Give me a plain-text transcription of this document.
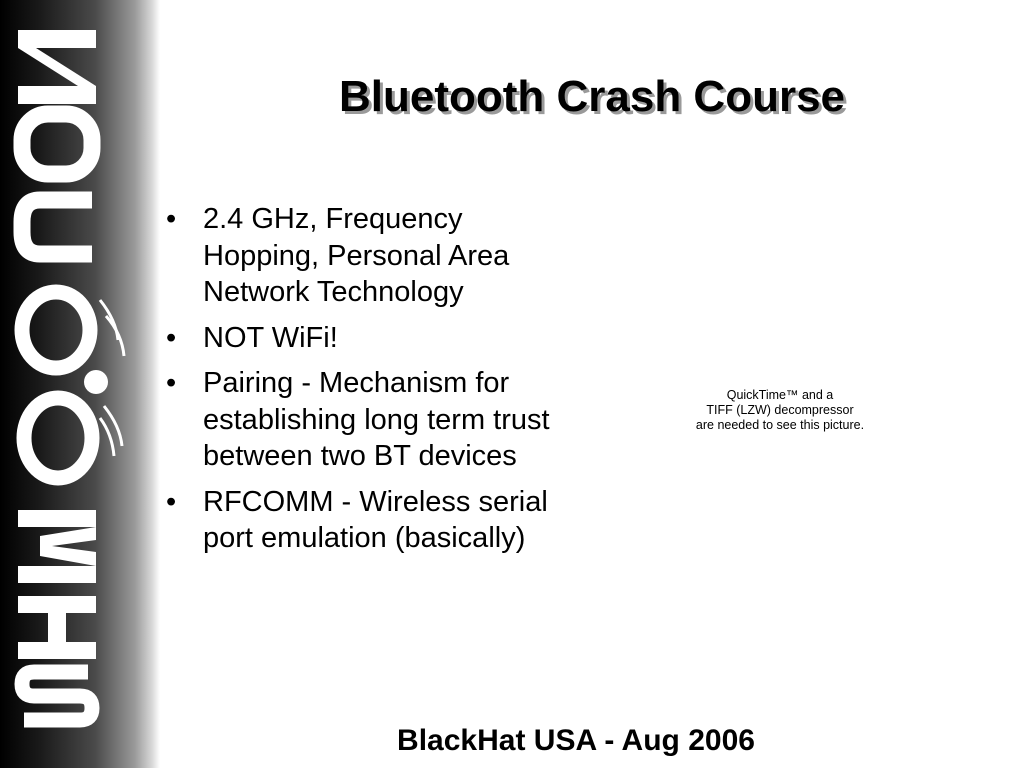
Bluetooth Crash Course
• 2.4 GHz, Frequency Hopping, Personal Area Network Technology
• NOT WiFi!
• Pairing - Mechanism for establishing long term trust between two BT devices
• RFCOMM - Wireless serial port emulation (basically)
QuickTime™ and a
TIFF (LZW) decompressor
are needed to see this picture.
BlackHat USA - Aug 2006
